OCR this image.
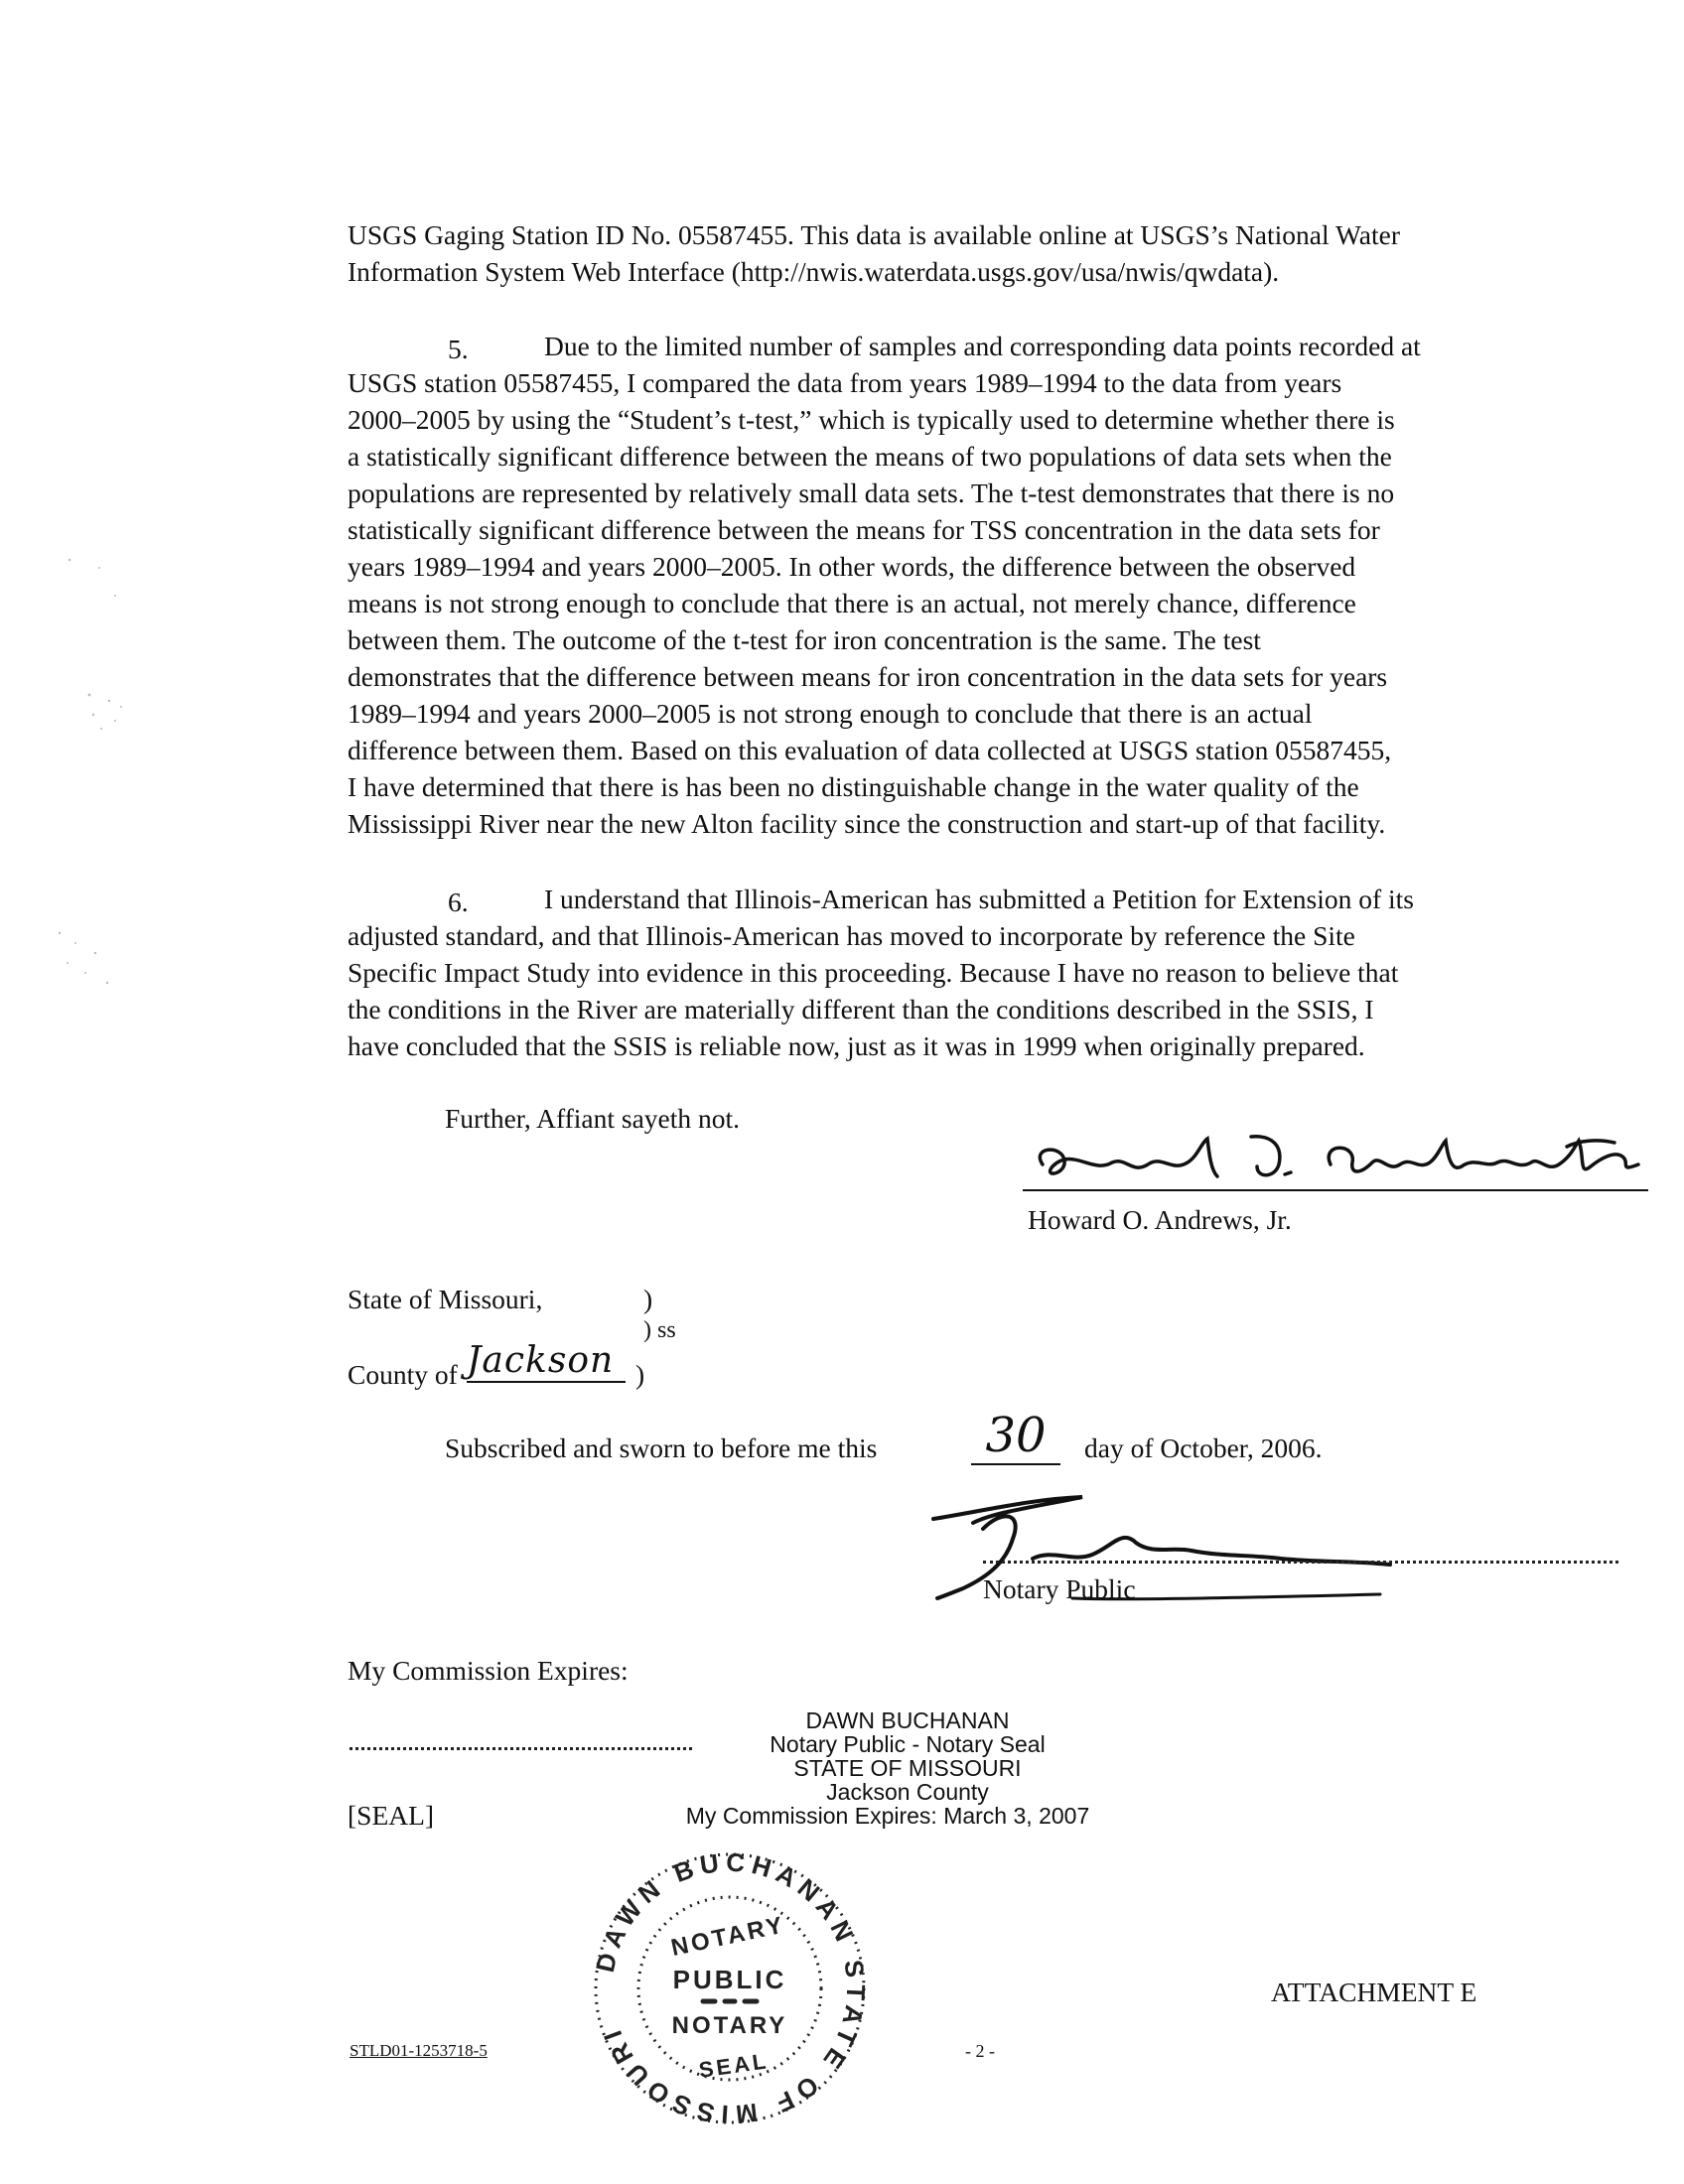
USGS Gaging Station ID No. 05587455. This data is available online at USGS’s National Water
Information System Web Interface (http://nwis.waterdata.usgs.gov/usa/nwis/qwdata).
5.	Due to the limited number of samples and corresponding data points recorded at
USGS station 05587455, I compared the data from years 1989–1994 to the data from years
2000–2005 by using the “Student’s t-test,” which is typically used to determine whether there is
a statistically significant difference between the means of two populations of data sets when the
populations are represented by relatively small data sets. The t-test demonstrates that there is no
statistically significant difference between the means for TSS concentration in the data sets for
years 1989–1994 and years 2000–2005. In other words, the difference between the observed
means is not strong enough to conclude that there is an actual, not merely chance, difference
between them. The outcome of the t-test for iron concentration is the same. The test
demonstrates that the difference between means for iron concentration in the data sets for years
1989–1994 and years 2000–2005 is not strong enough to conclude that there is an actual
difference between them. Based on this evaluation of data collected at USGS station 05587455,
I have determined that there is has been no distinguishable change in the water quality of the
Mississippi River near the new Alton facility since the construction and start-up of that facility.
6.	I understand that Illinois-American has submitted a Petition for Extension of its
adjusted standard, and that Illinois-American has moved to incorporate by reference the Site
Specific Impact Study into evidence in this proceeding. Because I have no reason to believe that
the conditions in the River are materially different than the conditions described in the SSIS, I
have concluded that the SSIS is reliable now, just as it was in 1999 when originally prepared.
Further, Affiant sayeth not.
Howard O. Andrews, Jr.
Howard O. Andrews, Jr.
State of Missouri,	)
) ss
County of Jackson )
Subscribed and sworn to before me this	30	day of October, 2006.
Dawn Buchanan
Notary Public
My Commission Expires:
[SEAL]
DAWN BUCHANAN
Notary Public - Notary Seal
STATE OF MISSOURI
Jackson County
My Commission Expires: March 3, 2007
DAWN BUCHANAN STATE OF MISSOURI
NOTARY
PUBLIC
NOTARY
SEAL
ATTACHMENT E
STLD01-1253718-5	- 2 -
